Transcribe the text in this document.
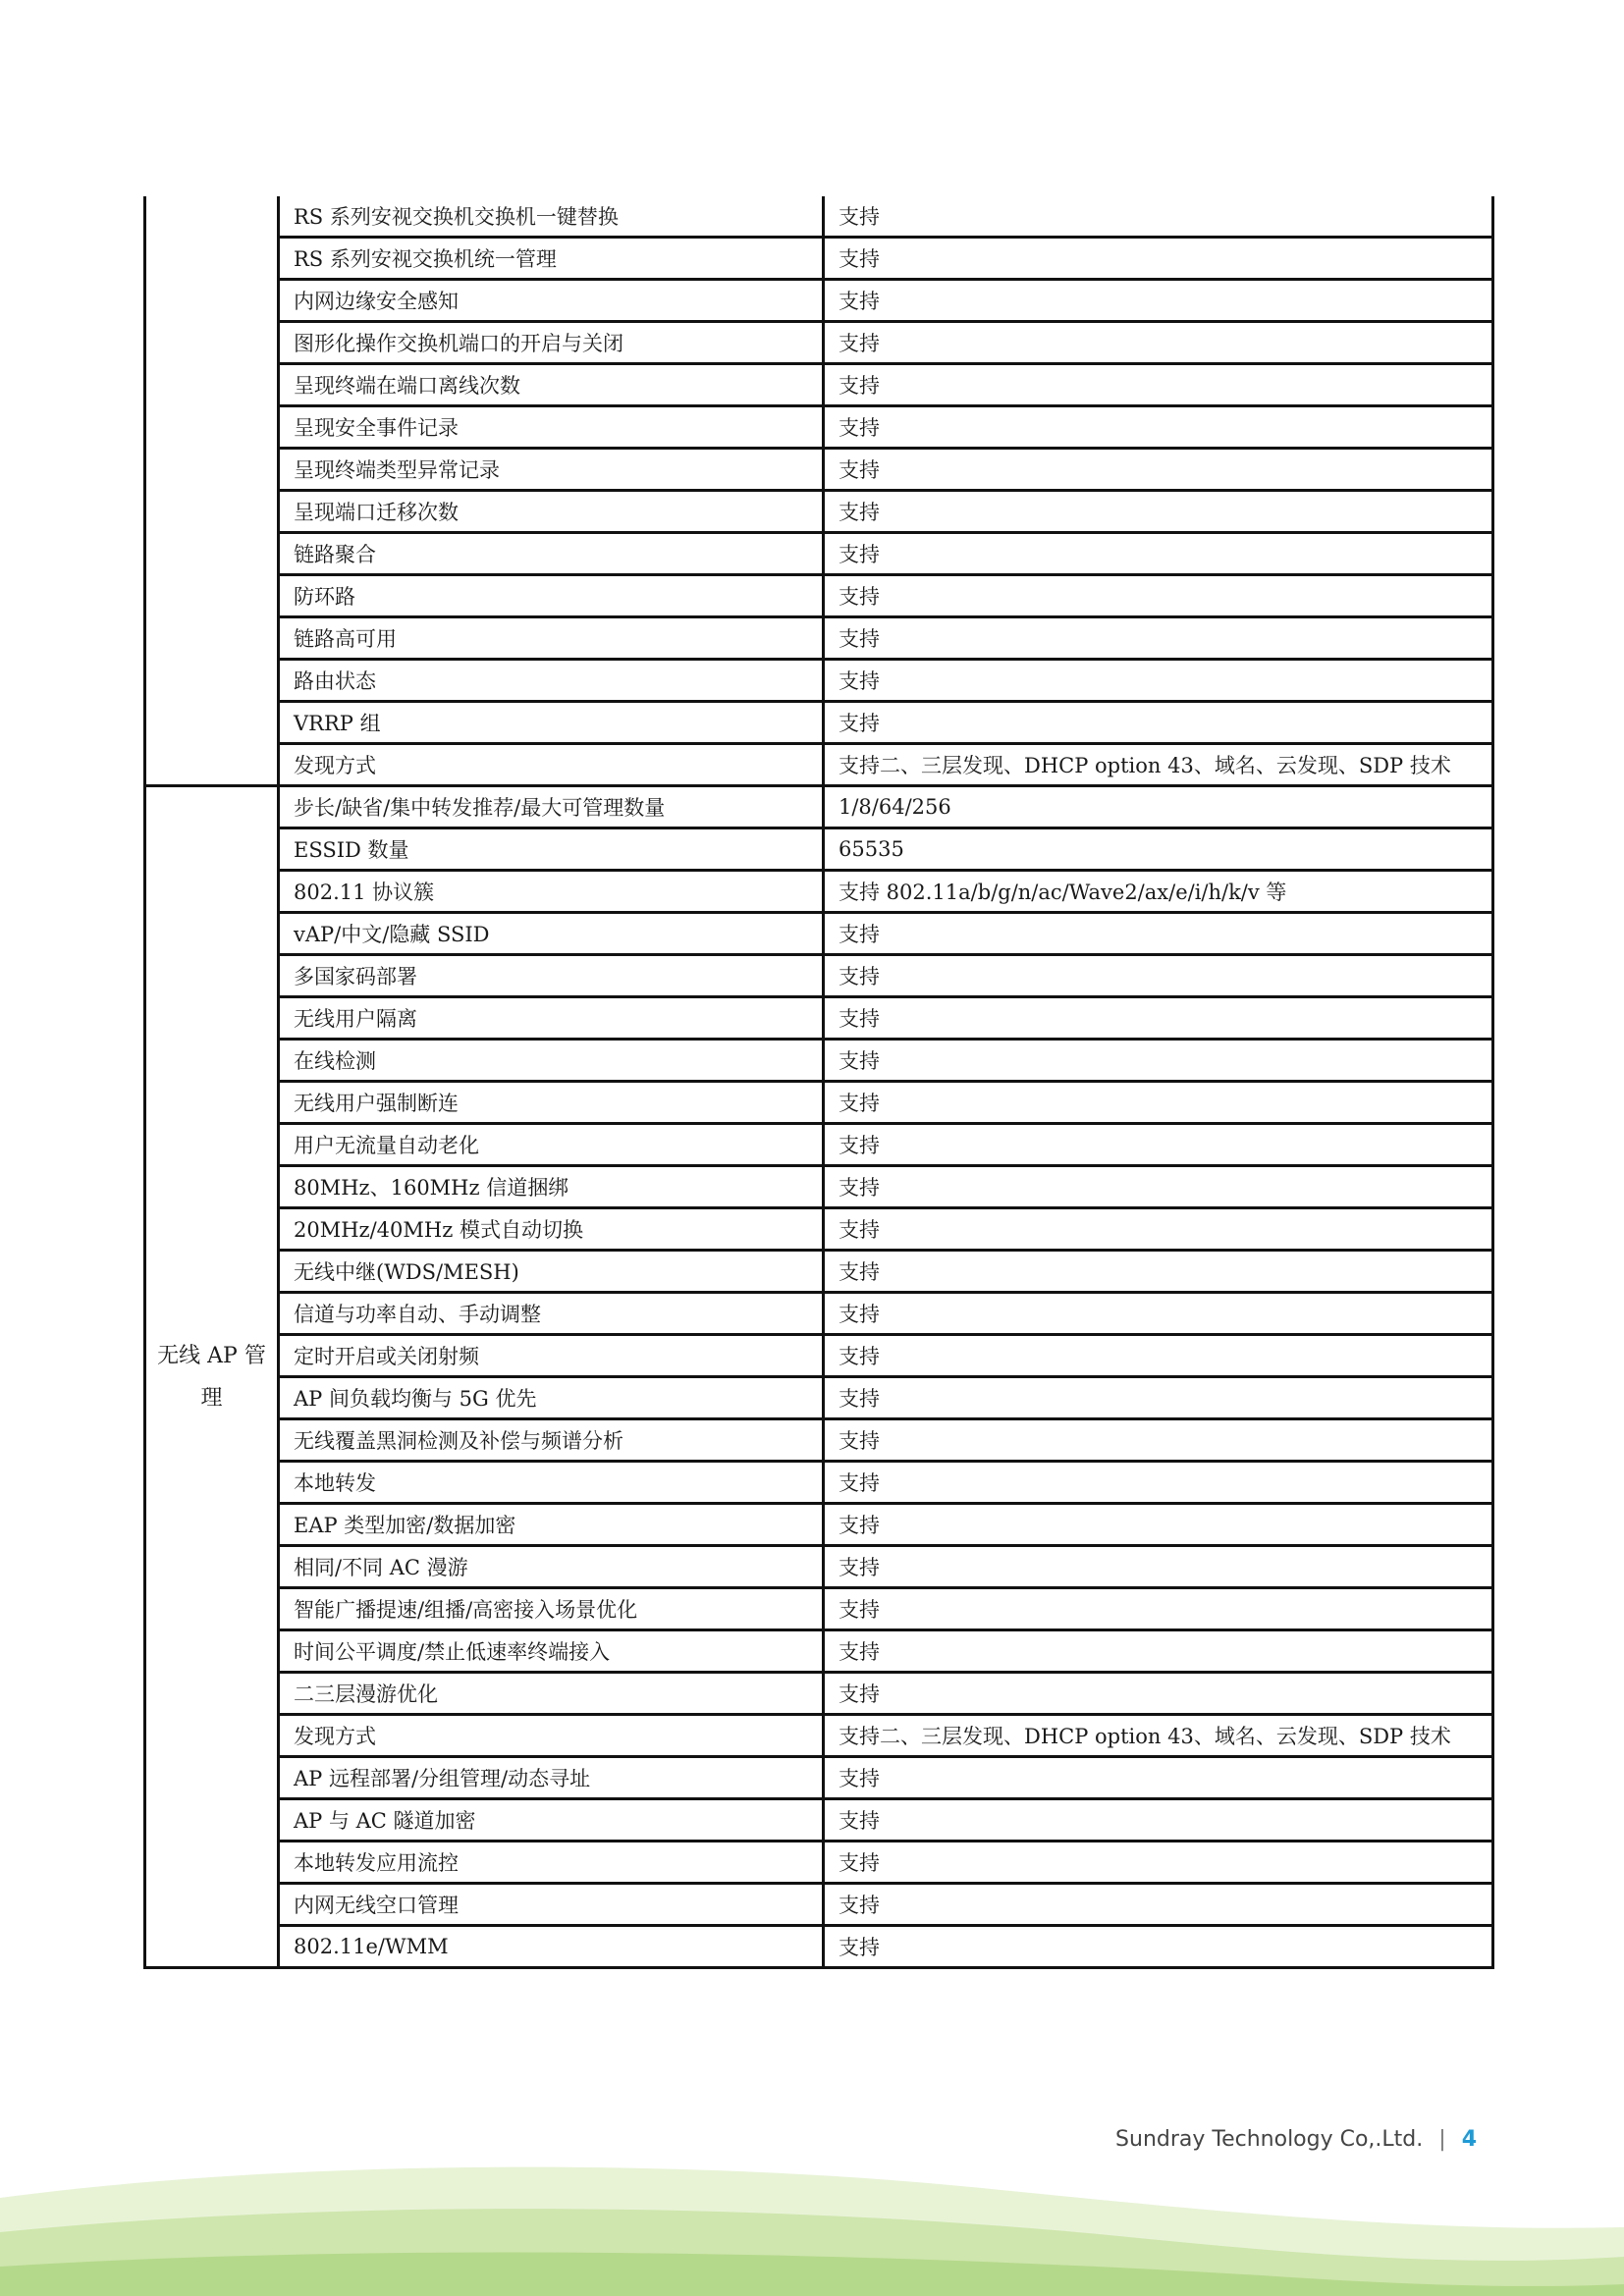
	RS 系列安视交换机交换机一键替换	支持
	RS 系列安视交换机统一管理	支持
	内网边缘安全感知	支持
	图形化操作交换机端口的开启与关闭	支持
	呈现终端在端口离线次数	支持
	呈现安全事件记录	支持
	呈现终端类型异常记录	支持
	呈现端口迁移次数	支持
	链路聚合	支持
	防环路	支持
	链路高可用	支持
	路由状态	支持
	VRRP 组	支持
	发现方式	支持二、三层发现、DHCP option 43、域名、云发现、SDP 技术
无线 AP 管理	步长/缺省/集中转发推荐/最大可管理数量	1/8/64/256
	ESSID 数量	65535
	802.11 协议簇	支持 802.11a/b/g/n/ac/Wave2/ax/e/i/h/k/v 等
	vAP/中文/隐藏 SSID	支持
	多国家码部署	支持
	无线用户隔离	支持
	在线检测	支持
	无线用户强制断连	支持
	用户无流量自动老化	支持
	80MHz、160MHz 信道捆绑	支持
	20MHz/40MHz 模式自动切换	支持
	无线中继(WDS/MESH)	支持
	信道与功率自动、手动调整	支持
	定时开启或关闭射频	支持
	AP 间负载均衡与 5G 优先	支持
	无线覆盖黑洞检测及补偿与频谱分析	支持
	本地转发	支持
	EAP 类型加密/数据加密	支持
	相同/不同 AC 漫游	支持
	智能广播提速/组播/高密接入场景优化	支持
	时间公平调度/禁止低速率终端接入	支持
	二三层漫游优化	支持
	发现方式	支持二、三层发现、DHCP option 43、域名、云发现、SDP 技术
	AP 远程部署/分组管理/动态寻址	支持
	AP 与 AC 隧道加密	支持
	本地转发应用流控	支持
	内网无线空口管理	支持
	802.11e/WMM	支持
Sundray Technology Co,.Ltd. | 4
